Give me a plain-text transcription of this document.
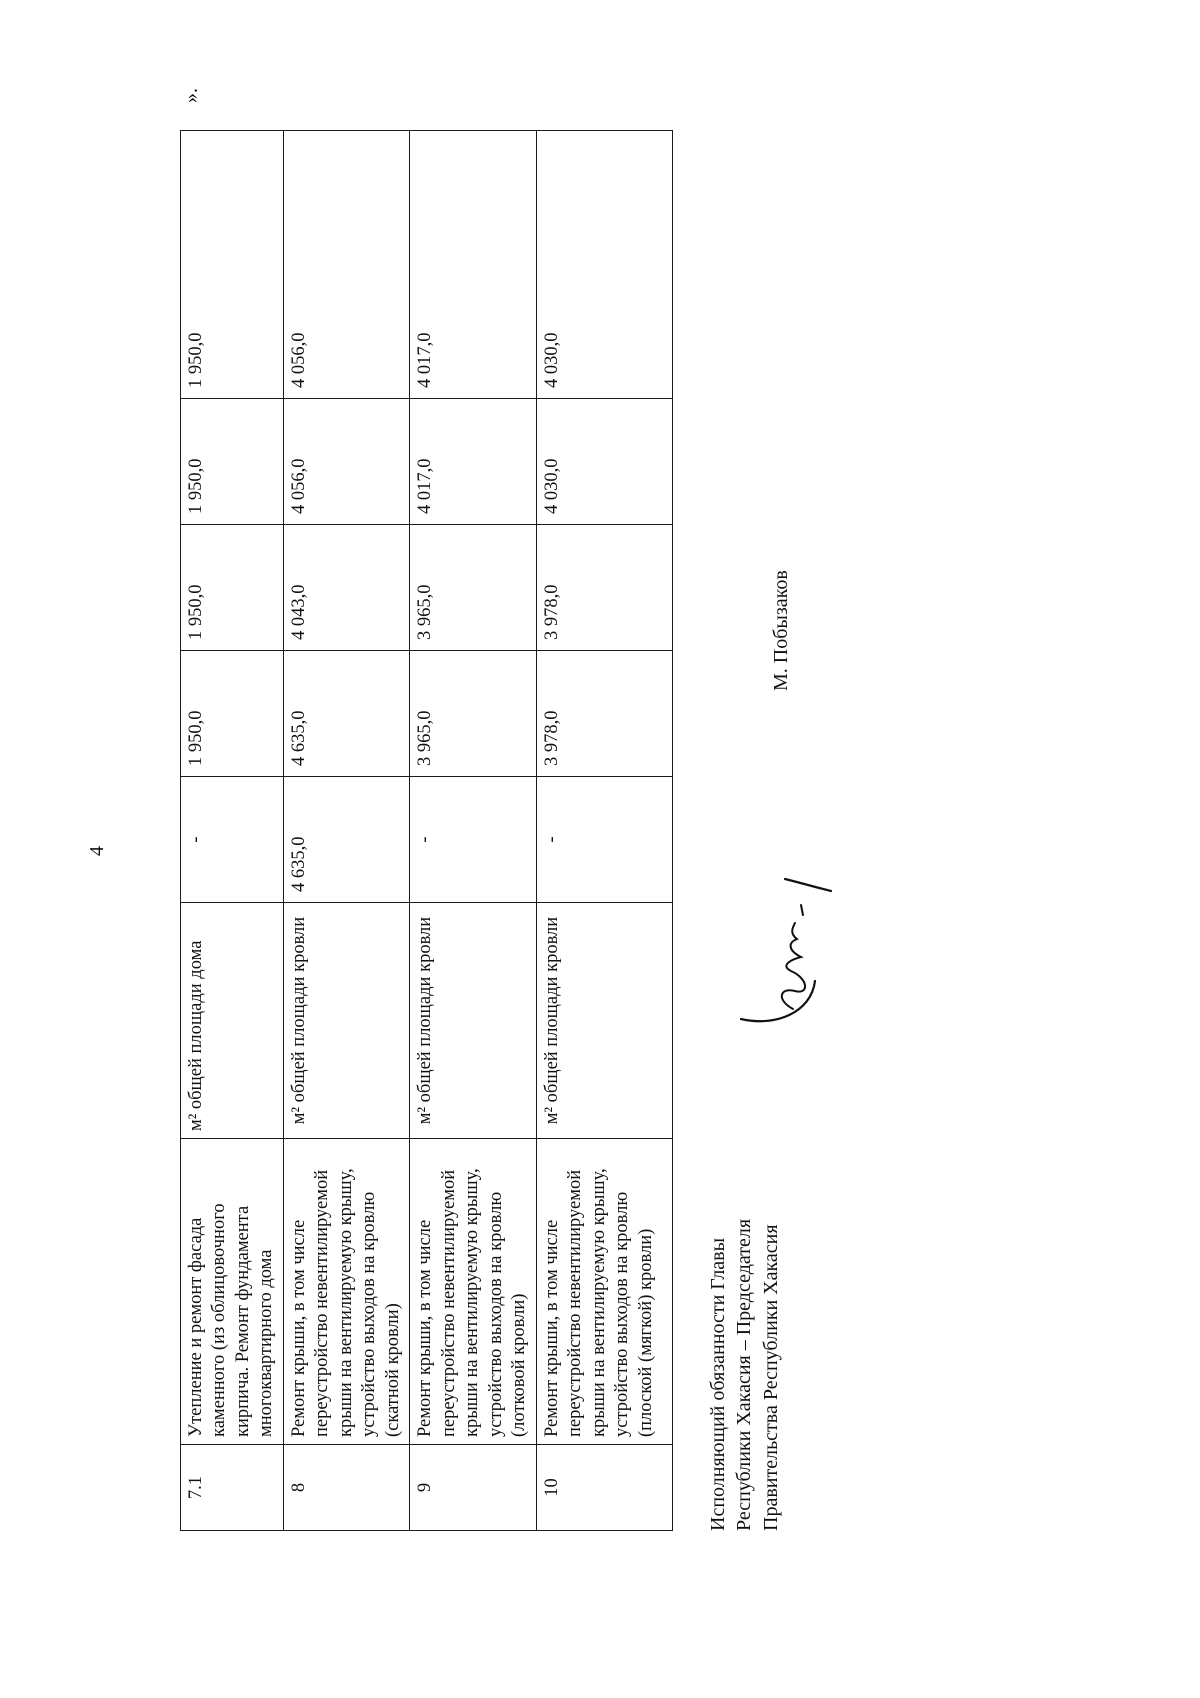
4
7.1	Утепление и ремонт фасада каменного (из облицовочного кирпича. Ремонт фундамента многоквартирного дома	м² общей площади дома	-	1 950,0	1 950,0	1 950,0	1 950,0
8	Ремонт крыши, в том числе переустройство невентилируемой крыши на вентилируемую крышу, устройство выходов на кровлю (скатной кровли)	м² общей площади кровли	4 635,0	4 635,0	4 043,0	4 056,0	4 056,0
9	Ремонт крыши, в том числе переустройство невентилируемой крыши на вентилируемую крышу, устройство выходов на кровлю (лотковой кровли)	м² общей площади кровли	-	3 965,0	3 965,0	4 017,0	4 017,0
10	Ремонт крыши, в том числе переустройство невентилируемой крыши на вентилируемую крышу, устройство выходов на кровлю (плоской (мягкой) кровли)	м² общей площади кровли	-	3 978,0	3 978,0	4 030,0	4 030,0
».
Исполняющий обязанности Главы Республики Хакасия – Председателя Правительства Республики Хакасия
М. Побызаков
